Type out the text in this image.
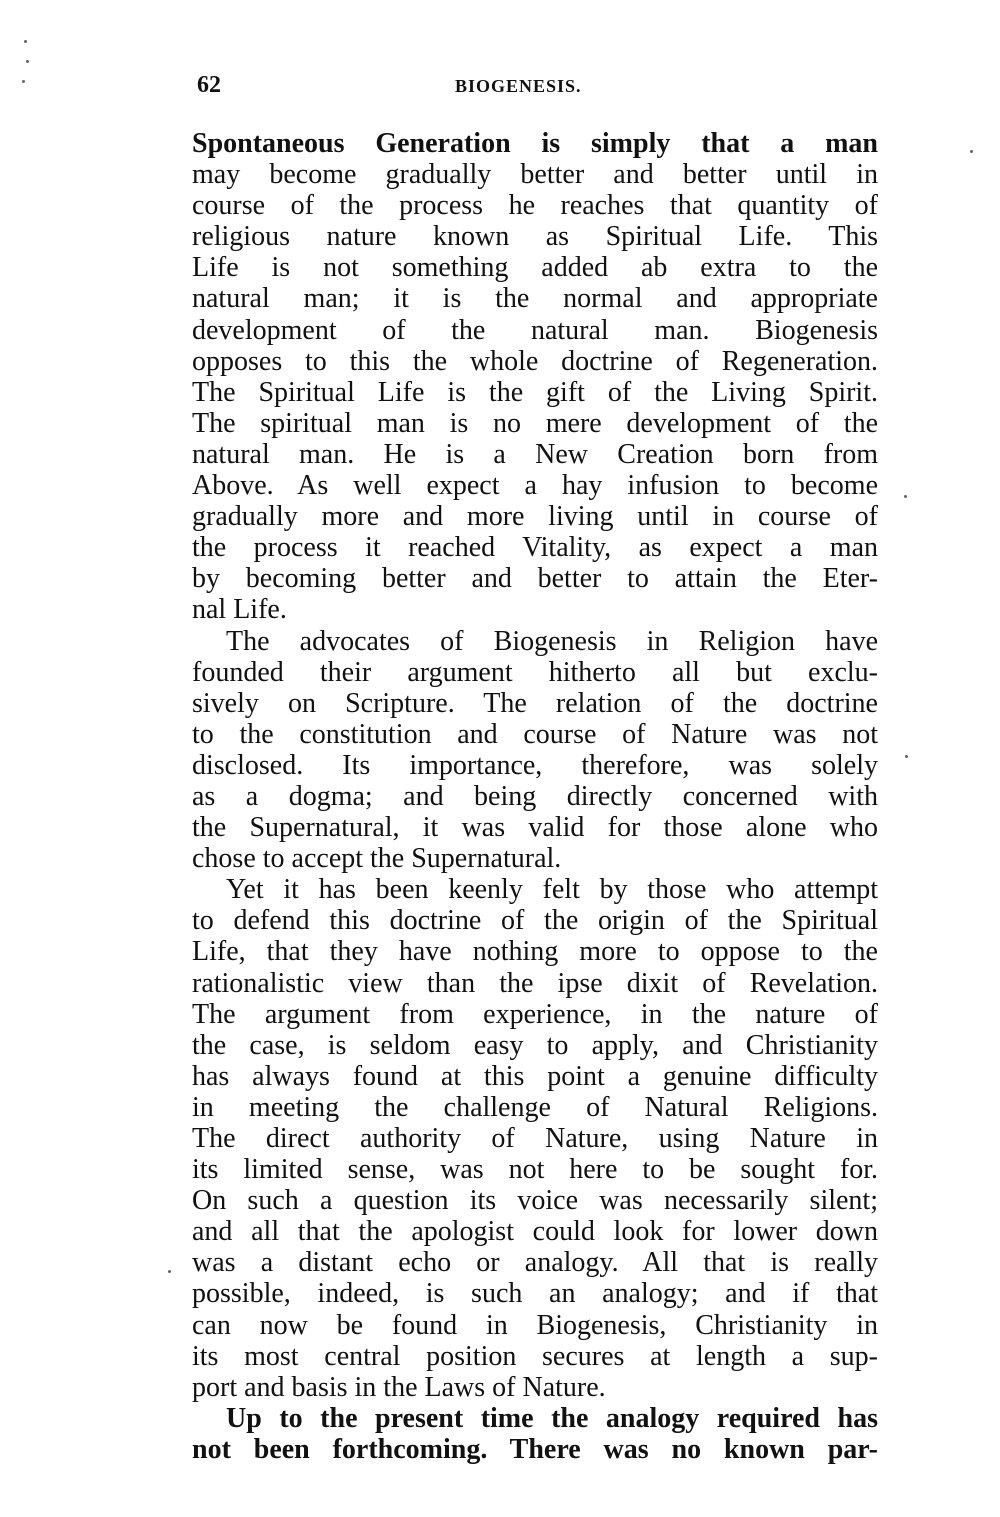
62	BIOGENESIS.
Spontaneous Generation is simply that a man
may become gradually better and better until in
course of the process he reaches that quantity of
religious nature known as Spiritual Life. This
Life is not something added ab extra to the
natural man; it is the normal and appropriate
development of the natural man. Biogenesis
opposes to this the whole doctrine of Regeneration.
The Spiritual Life is the gift of the Living Spirit.
The spiritual man is no mere development of the
natural man. He is a New Creation born from
Above. As well expect a hay infusion to become
gradually more and more living until in course of
the process it reached Vitality, as expect a man
by becoming better and better to attain the Eter-
nal Life.
The advocates of Biogenesis in Religion have
founded their argument hitherto all but exclu-
sively on Scripture. The relation of the doctrine
to the constitution and course of Nature was not
disclosed. Its importance, therefore, was solely
as a dogma; and being directly concerned with
the Supernatural, it was valid for those alone who
chose to accept the Supernatural.
Yet it has been keenly felt by those who attempt
to defend this doctrine of the origin of the Spiritual
Life, that they have nothing more to oppose to the
rationalistic view than the ipse dixit of Revelation.
The argument from experience, in the nature of
the case, is seldom easy to apply, and Christianity
has always found at this point a genuine difficulty
in meeting the challenge of Natural Religions.
The direct authority of Nature, using Nature in
its limited sense, was not here to be sought for.
On such a question its voice was necessarily silent;
and all that the apologist could look for lower down
was a distant echo or analogy. All that is really
possible, indeed, is such an analogy; and if that
can now be found in Biogenesis, Christianity in
its most central position secures at length a sup-
port and basis in the Laws of Nature.
Up to the present time the analogy required has
not been forthcoming. There was no known par-
